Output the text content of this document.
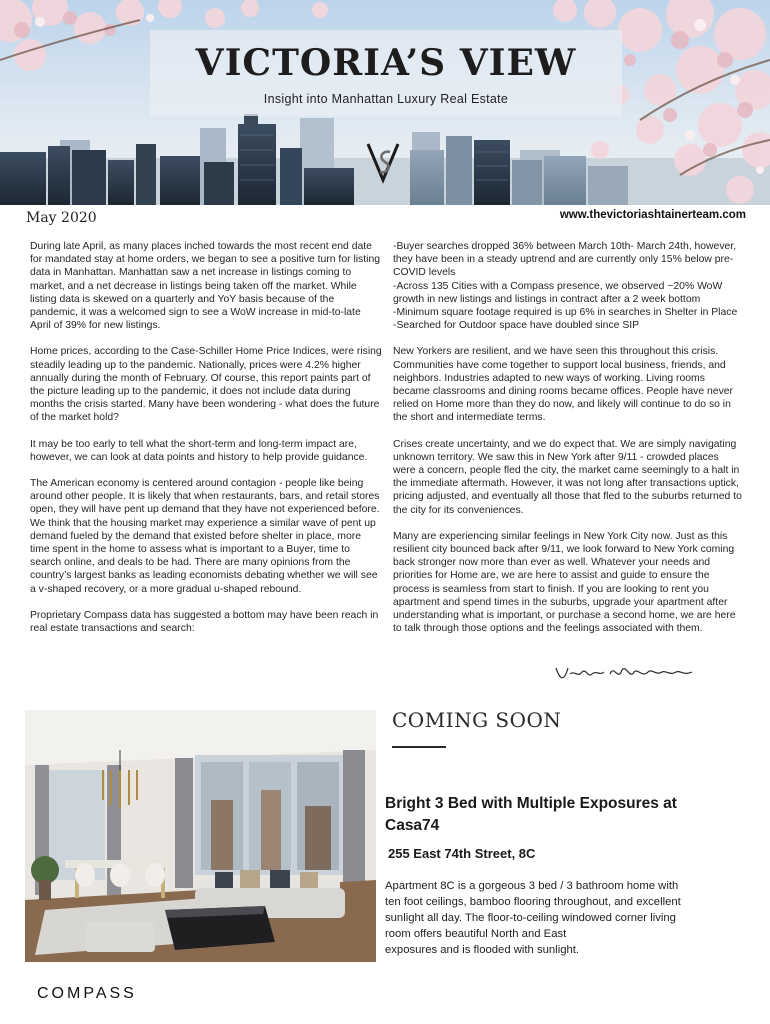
VICTORIA’S VIEW
Insight into Manhattan Luxury Real Estate
May 2020	www.thevictoriashtainerteam.com

During late April, as many places inched towards the most recent end date for mandated stay at home orders, we began to see a positive turn for listing data in Manhattan. Manhattan saw a net increase in listings coming to market, and a net decrease in listings being taken off the market. While listing data is skewed on a quarterly and YoY basis because of the pandemic, it was a welcomed sign to see a WoW increase in mid-to-late April of 39% for new listings.

Home prices, according to the Case-Schiller Home Price Indices, were rising steadily leading up to the pandemic. Nationally, prices were 4.2% higher annually during the month of February. Of course, this report paints part of the picture leading up to the pandemic, it does not include data during months the crisis started. Many have been wondering - what does the future of the market hold?

It may be too early to tell what the short-term and long-term impact are, however, we can look at data points and history to help provide guidance.

The American economy is centered around contagion - people like being around other people. It is likely that when restaurants, bars, and retail stores open, they will have pent up demand that they have not experienced before. We think that the housing market may experience a similar wave of pent up demand fueled by the demand that existed before shelter in place, more time spent in the home to assess what is important to a Buyer, time to search online, and deals to be had. There are many opinions from the country’s largest banks as leading economists debating whether we will see a v-shaped recovery, or a more gradual u-shaped rebound.

Proprietary Compass data has suggested a bottom may have been reach in real estate transactions and search:

-Buyer searches dropped 36% between March 10th- March 24th, however, they have been in a steady uptrend and are currently only 15% below pre-COVID levels

-Across 135 Cities with a Compass presence, we observed ~20% WoW growth in new listings and listings in contract after a 2 week bottom

-Minimum square footage required is up 6% in searches in Shelter in Place

-Searched for Outdoor space have doubled since SIP

New Yorkers are resilient, and we have seen this throughout this crisis. Communities have come together to support local business, friends, and neighbors. Industries adapted to new ways of working. Living rooms became classrooms and dining rooms became offices. People have never relied on Home more than they do now, and likely will continue to do so in the short and intermediate terms.

Crises create uncertainty, and we do expect that. We are simply navigating unknown territory. We saw this in New York after 9/11 - crowded places were a concern, people fled the city, the market came seemingly to a halt in the immediate aftermath. However, it was not long after transactions uptick, pricing adjusted, and eventually all those that fled to the suburbs returned to the city for its conveniences.

Many are experiencing similar feelings in New York City now. Just as this resilient city bounced back after 9/11, we look forward to New York coming back stronger now more than ever as well. Whatever your needs and priorities for Home are, we are here to assist and guide to ensure the process is seamless from start to finish. If you are looking to rent you apartment and spend times in the suburbs, upgrade your apartment after understanding what is important, or purchase a second home, we are here to talk through those options and the feelings associated with them.

COMING SOON
Bright 3 Bed with Multiple Exposures at Casa74
255 East 74th Street, 8C
Apartment 8C is a gorgeous 3 bed / 3 bathroom home with
ten foot ceilings, bamboo flooring throughout, and excellent
sunlight all day. The floor-to-ceiling windowed corner living
room offers beautiful North and East
exposures and is flooded with sunlight.
COMPASS
